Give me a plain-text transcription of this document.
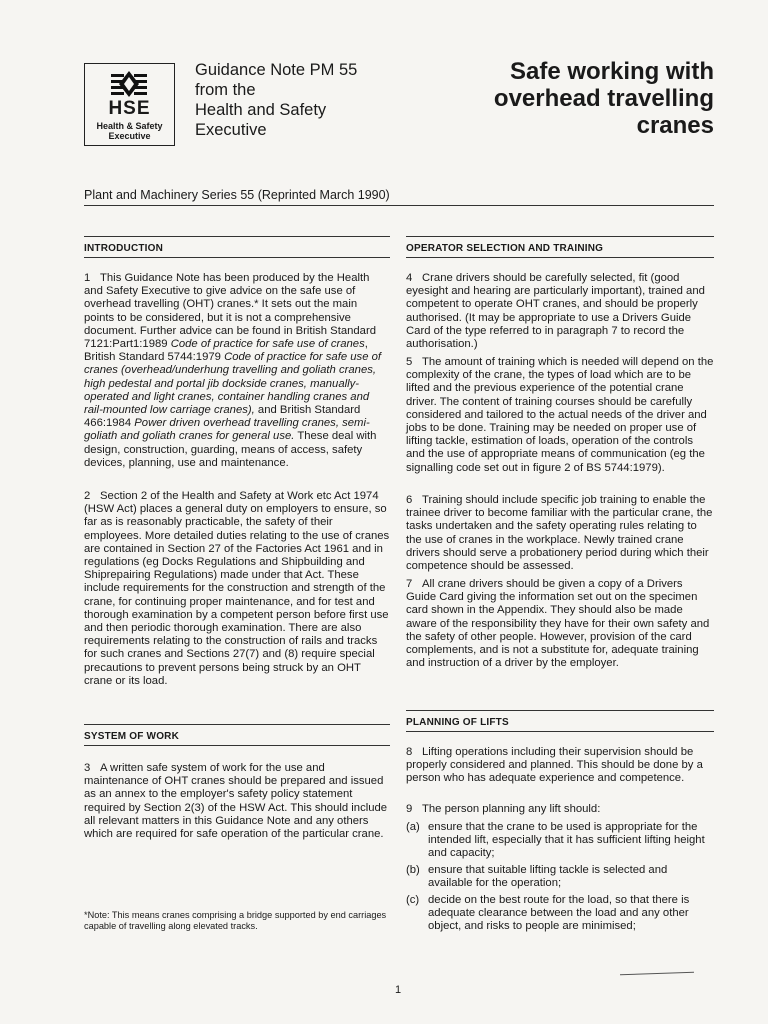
HSE
Health & Safety
Executive
Guidance Note PM 55
from the
Health and Safety
Executive
Safe working with
overhead travelling
cranes
Plant and Machinery Series 55 (Reprinted March 1990)
INTRODUCTION

1 This Guidance Note has been produced by the Health and Safety Executive to give advice on the safe use of overhead travelling (OHT) cranes.* It sets out the main points to be considered, but it is not a comprehensive document. Further advice can be found in British Standard 7121:Part1:1989 Code of practice for safe use of cranes, British Standard 5744:1979 Code of practice for safe use of cranes (overhead/underhung travelling and goliath cranes, high pedestal and portal jib dockside cranes, manually-operated and light cranes, container handling cranes and rail-mounted low carriage cranes), and British Standard 466:1984 Power driven overhead travelling cranes, semi-goliath and goliath cranes for general use. These deal with design, construction, guarding, means of access, safety devices, planning, use and maintenance.

2 Section 2 of the Health and Safety at Work etc Act 1974 (HSW Act) places a general duty on employers to ensure, so far as is reasonably practicable, the safety of their employees. More detailed duties relating to the use of cranes are contained in Section 27 of the Factories Act 1961 and in regulations (eg Docks Regulations and Shipbuilding and Shiprepairing Regulations) made under that Act. These include requirements for the construction and strength of the crane, for continuing proper maintenance, and for test and thorough examination by a competent person before first use and then periodic thorough examination. There are also requirements relating to the construction of rails and tracks for such cranes and Sections 27(7) and (8) require special precautions to prevent persons being struck by an OHT crane or its load.

SYSTEM OF WORK

3 A written safe system of work for the use and maintenance of OHT cranes should be prepared and issued as an annex to the employer's safety policy statement required by Section 2(3) of the HSW Act. This should include all relevant matters in this Guidance Note and any others which are required for safe operation of the particular crane.

*Note: This means cranes comprising a bridge supported by end carriages capable of travelling along elevated tracks.
OPERATOR SELECTION AND TRAINING

4 Crane drivers should be carefully selected, fit (good eyesight and hearing are particularly important), trained and competent to operate OHT cranes, and should be properly authorised. (It may be appropriate to use a Drivers Guide Card of the type referred to in paragraph 7 to record the authorisation.)

5 The amount of training which is needed will depend on the complexity of the crane, the types of load which are to be lifted and the previous experience of the potential crane driver. The content of training courses should be carefully considered and tailored to the actual needs of the driver and jobs to be done. Training may be needed on proper use of lifting tackle, estimation of loads, operation of the controls and the use of appropriate means of communication (eg the signalling code set out in figure 2 of BS 5744:1979).

6 Training should include specific job training to enable the trainee driver to become familiar with the particular crane, the tasks undertaken and the safety operating rules relating to the use of cranes in the workplace. Newly trained crane drivers should serve a probationery period during which their competence should be assessed.

7 All crane drivers should be given a copy of a Drivers Guide Card giving the information set out on the specimen card shown in the Appendix. They should also be made aware of the responsibility they have for their own safety and the safety of other people. However, provision of the card complements, and is not a substitute for, adequate training and instruction of a driver by the employer.

PLANNING OF LIFTS

8 Lifting operations including their supervision should be properly considered and planned. This should be done by a person who has adequate experience and competence.

9 The person planning any lift should:

(a) ensure that the crane to be used is appropriate for the intended lift, especially that it has sufficient lifting height and capacity;
(b) ensure that suitable lifting tackle is selected and available for the operation;
(c) decide on the best route for the load, so that there is adequate clearance between the load and any other object, and risks to people are minimised;
1
